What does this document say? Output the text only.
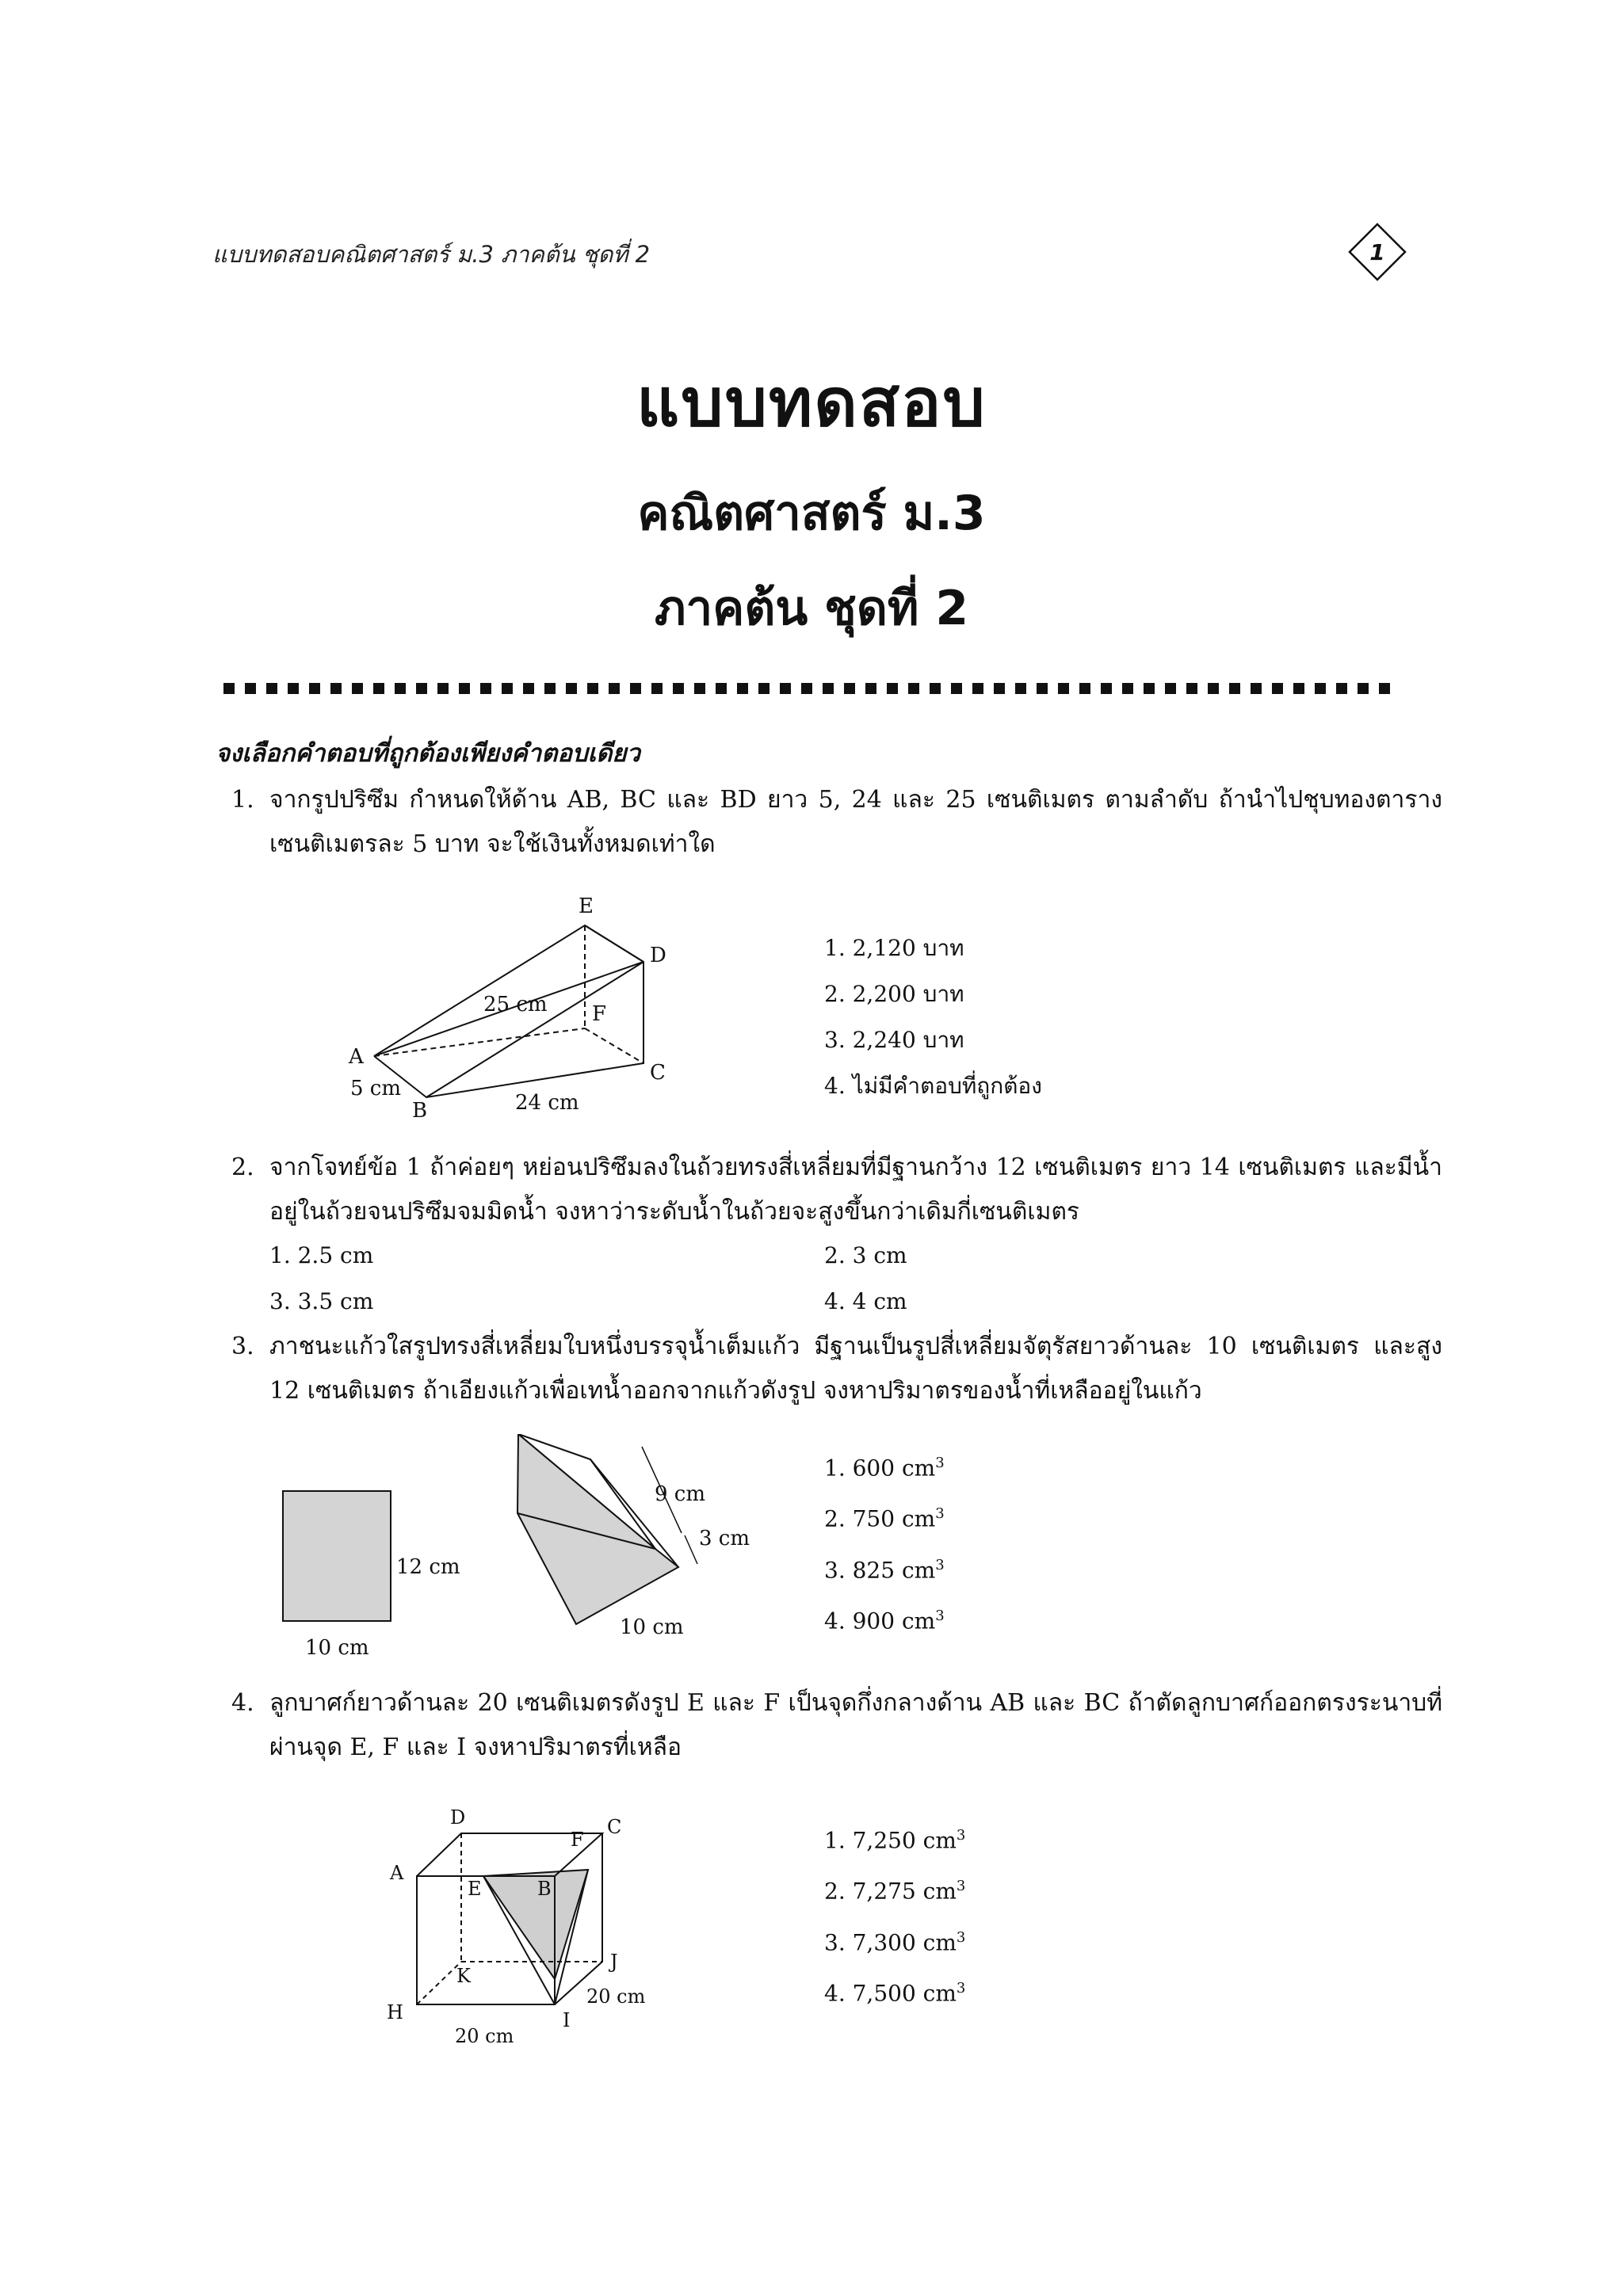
แบบทดสอบคณิตศาสตร์ ม.3 ภาคต้น ชุดที่ 2	1
แบบทดสอบ
คณิตศาสตร์ ม.3
ภาคต้น ชุดที่ 2
จงเลือกคำตอบที่ถูกต้องเพียงคำตอบเดียว
1. จากรูปปริซึม กำหนดให้ด้าน AB, BC และ BD ยาว 5, 24 และ 25 เซนติเมตร ตามลำดับ ถ้านำไปชุบทองตารางเซนติเมตรละ 5 บาท จะใช้เงินทั้งหมดเท่าใด
E
D
F
A
B
C
25 cm
5 cm
24 cm
1. 2,120 บาท
2. 2,200 บาท
3. 2,240 บาท
4. ไม่มีคำตอบที่ถูกต้อง
2. จากโจทย์ข้อ 1 ถ้าค่อยๆ หย่อนปริซึมลงในถ้วยทรงสี่เหลี่ยมที่มีฐานกว้าง 12 เซนติเมตร ยาว 14 เซนติเมตร และมีน้ำอยู่ในถ้วยจนปริซึมจมมิดน้ำ จงหาว่าระดับน้ำในถ้วยจะสูงขึ้นกว่าเดิมกี่เซนติเมตร
1. 2.5 cm	2. 3 cm
3. 3.5 cm	4. 4 cm
3. ภาชนะแก้วใสรูปทรงสี่เหลี่ยมใบหนึ่งบรรจุน้ำเต็มแก้ว มีฐานเป็นรูปสี่เหลี่ยมจัตุรัสยาวด้านละ 10 เซนติเมตร และสูง 12 เซนติเมตร ถ้าเอียงแก้วเพื่อเทน้ำออกจากแก้วดังรูป จงหาปริมาตรของน้ำที่เหลืออยู่ในแก้ว
12 cm
10 cm
9 cm
3 cm
10 cm
1. 600 $cm^3$
2. 750 $cm^3$
3. 825 $cm^3$
4. 900 $cm^3$
4. ลูกบาศก์ยาวด้านละ 20 เซนติเมตรดังรูป E และ F เป็นจุดกึ่งกลางด้าน AB และ BC ถ้าตัดลูกบาศก์ออกตรงระนาบที่ผ่านจุด E, F และ I จงหาปริมาตรที่เหลือ
D	C
F
A
E	B
K
J
H	I
20 cm
20 cm
1. 7,250 $cm^3$
2. 7,275 $cm^3$
3. 7,300 $cm^3$
4. 7,500 $cm^3$
